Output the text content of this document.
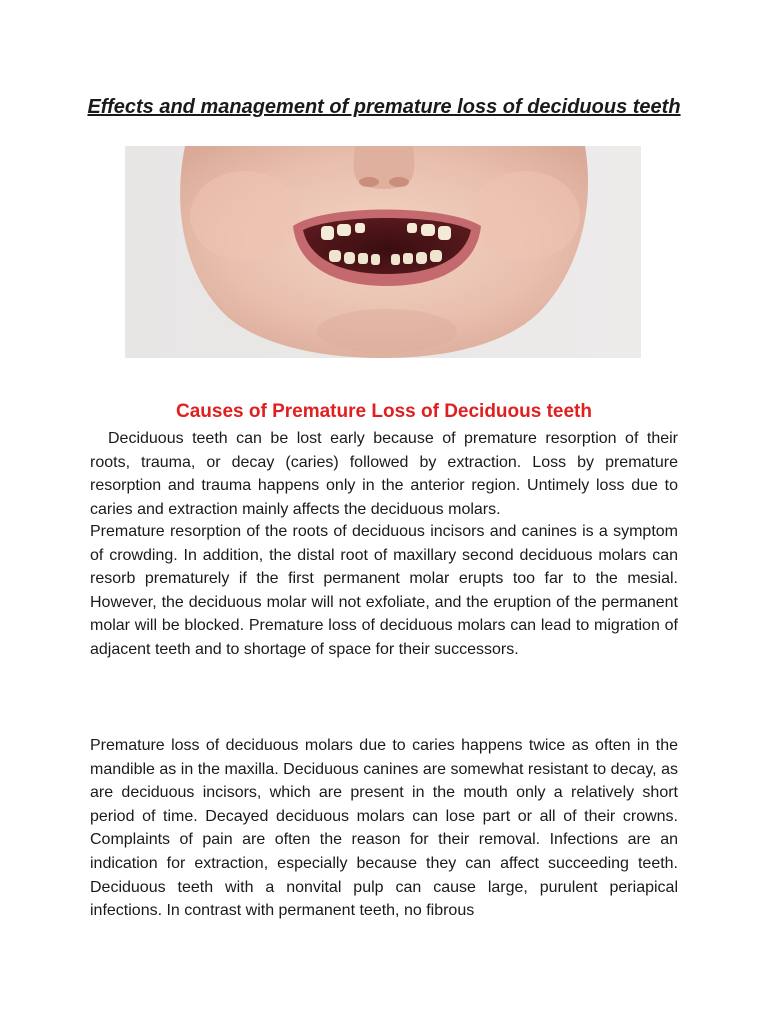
Effects and management of premature loss of deciduous teeth
Causes of Premature Loss of Deciduous teeth

Deciduous teeth can be lost early because of premature resorption of their roots, trauma, or decay (caries) followed by extraction. Loss by premature resorption and trauma happens only in the anterior region. Untimely loss due to caries and extraction mainly affects the deciduous molars.

Premature resorption of the roots of deciduous incisors and canines is a symptom of crowding. In addition, the distal root of maxillary second deciduous molars can resorb prematurely if the first permanent molar erupts too far to the mesial. However, the deciduous molar will not exfoliate, and the eruption of the permanent molar will be blocked. Premature loss of deciduous molars can lead to migration of adjacent teeth and to shortage of space for their successors.

Premature loss of deciduous molars due to caries happens twice as often in the mandible as in the maxilla. Deciduous canines are somewhat resistant to decay, as are deciduous incisors, which are present in the mouth only a relatively short period of time. Decayed deciduous molars can lose part or all of their crowns. Complaints of pain are often the reason for their removal. Infections are an indication for extraction, especially because they can affect succeeding teeth. Deciduous teeth with a nonvital pulp can cause large, purulent periapical infections. In contrast with permanent teeth, no fibrous
